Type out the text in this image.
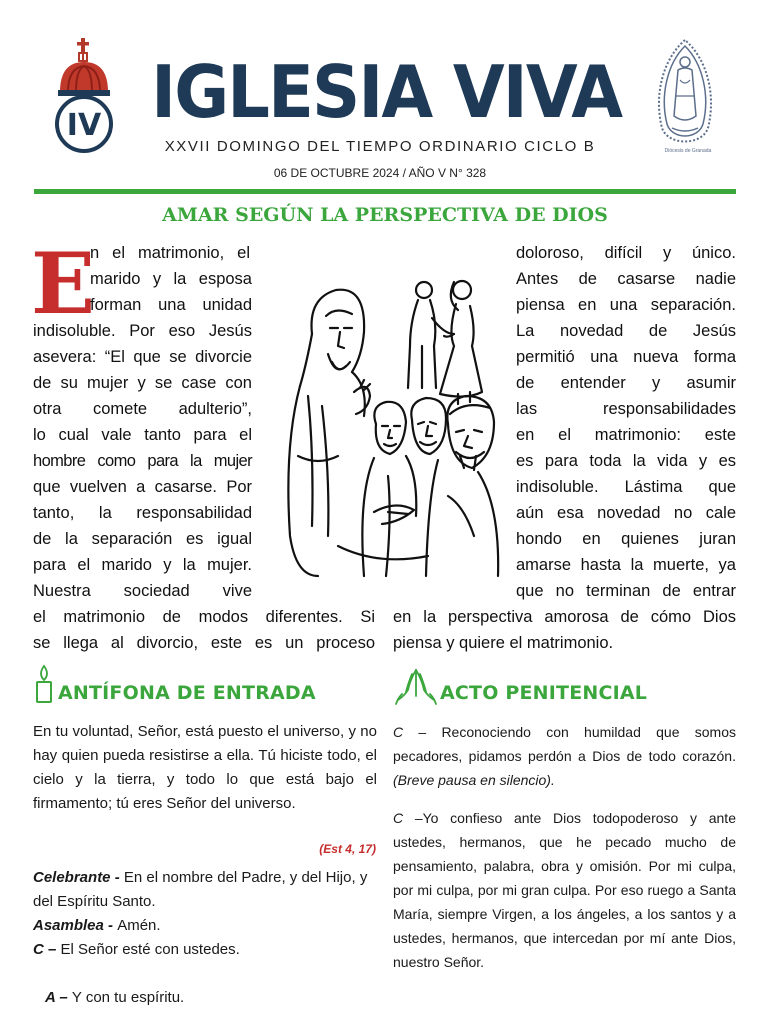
IV IGLESIA VIVA
XXVII DOMINGO DEL TIEMPO ORDINARIO CICLO B
06 DE OCTUBRE 2024 / AÑO V N° 328
Diócesis de Granada
AMAR SEGÚN LA PERSPECTIVA DE DIOS
E
n el matrimonio, el
marido y la esposa
forman una unidad
indisoluble. Por eso Jesús
asevera: “El que se divorcie
de su mujer y se case con
otra comete adulterio”,
lo cual vale tanto para el
hombre como para la mujer
que vuelven a casarse. Por
tanto, la responsabilidad
de la separación es igual
para el marido y la mujer.
Nuestra sociedad vive
el matrimonio de modos diferentes. Si
se llega al divorcio, este es un proceso
doloroso, difícil y único.
Antes de casarse nadie
piensa en una separación.
La novedad de Jesús
permitió una nueva forma
de entender y asumir
las responsabilidades
en el matrimonio: este
es para toda la vida y es
indisoluble. Lástima que
aún esa novedad no cale
hondo en quienes juran
amarse hasta la muerte, ya
que no terminan de entrar
en la perspectiva amorosa de cómo Dios
piensa y quiere el matrimonio.
ANTÍFONA DE ENTRADA
En tu voluntad, Señor, está puesto el universo, y no hay quien pueda resistirse a ella. Tú hiciste todo, el cielo y la tierra, y todo lo que está bajo el firmamento; tú eres Señor del universo.
(Est 4, 17)
Celebrante - En el nombre del Padre, y del Hijo, y del Espíritu Santo.
Asamblea - Amén.
C – El Señor esté con ustedes.

A – Y con tu espíritu.

ACTO PENITENCIAL
C – Reconociendo con humildad que somos pecadores, pidamos perdón a Dios de todo corazón. (Breve pausa en silencio).
C –Yo confieso ante Dios todopoderoso y ante ustedes, hermanos, que he pecado mucho de pensamiento, palabra, obra y omisión. Por mi culpa, por mi culpa, por mi gran culpa. Por eso ruego a Santa María, siempre Virgen, a los ángeles, a los santos y a ustedes, hermanos, que intercedan por mí ante Dios, nuestro Señor.
